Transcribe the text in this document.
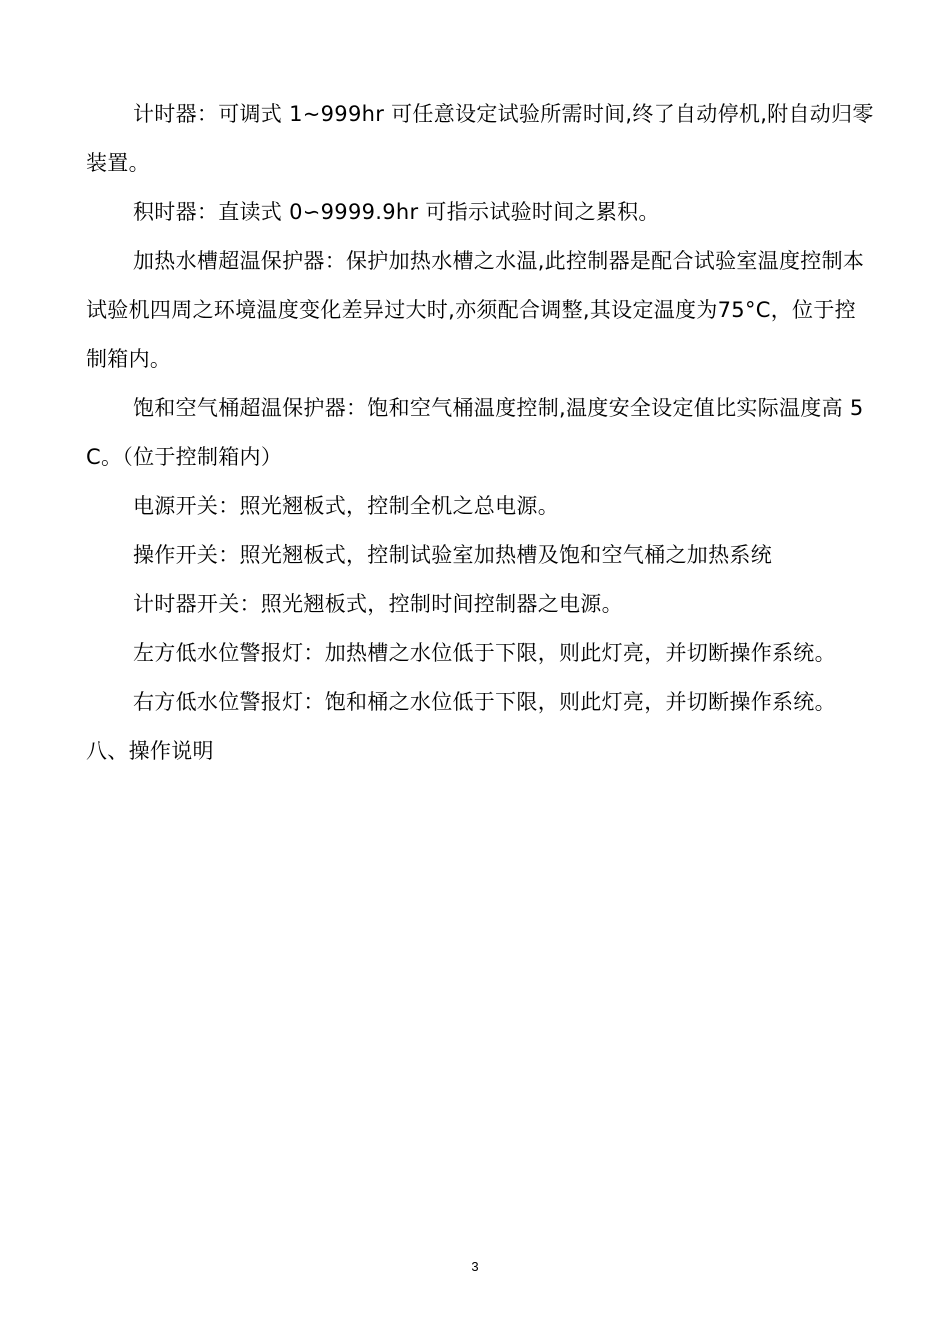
计时器：可调式 1~999hr 可任意设定试验所需时间,终了自动停机,附自动归零装置。

积时器：直读式 0∽9999.9hr 可指示试验时间之累积。

加热水槽超温保护器：保护加热水槽之水温,此控制器是配合试验室温度控制本试验机四周之环境温度变化差异过大时,亦须配合调整,其设定温度为75°C，位于控制箱内。

饱和空气桶超温保护器：饱和空气桶温度控制,温度安全设定值比实际温度高 5C。（位于控制箱内）

电源开关：照光翘板式，控制全机之总电源。

操作开关：照光翘板式，控制试验室加热槽及饱和空气桶之加热系统

计时器开关：照光翘板式，控制时间控制器之电源。

左方低水位警报灯：加热槽之水位低于下限，则此灯亮，并切断操作系统。

右方低水位警报灯：饱和桶之水位低于下限，则此灯亮，并切断操作系统。

八、操作说明

3
